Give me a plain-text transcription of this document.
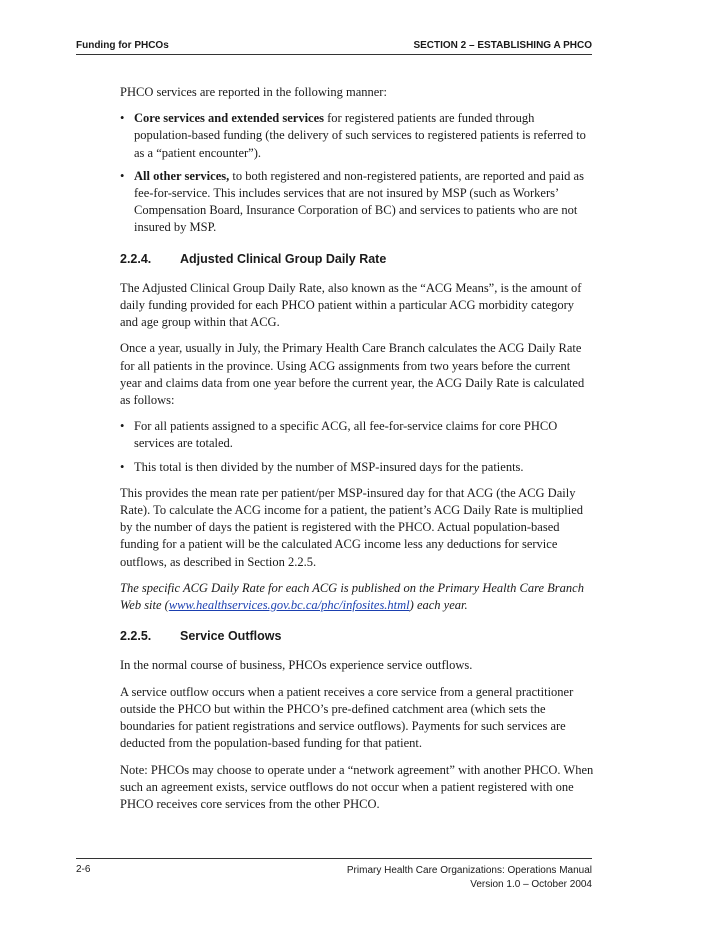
Funding for PHCOs	SECTION 2 – ESTABLISHING A PHCO

PHCO services are reported in the following manner:

• Core services and extended services for registered patients are funded through population-based funding (the delivery of such services to registered patients is referred to as a “patient encounter”).
• All other services, to both registered and non-registered patients, are reported and paid as fee-for-service. This includes services that are not insured by MSP (such as Workers’ Compensation Board, Insurance Corporation of BC) and services to patients who are not insured by MSP.
2.2.4. Adjusted Clinical Group Daily Rate

The Adjusted Clinical Group Daily Rate, also known as the “ACG Means”, is the amount of daily funding provided for each PHCO patient within a particular ACG morbidity category and age group within that ACG.

Once a year, usually in July, the Primary Health Care Branch calculates the ACG Daily Rate for all patients in the province. Using ACG assignments from two years before the current year and claims data from one year before the current year, the ACG Daily Rate is calculated as follows:

• For all patients assigned to a specific ACG, all fee-for-service claims for core PHCO services are totaled.
• This total is then divided by the number of MSP-insured days for the patients.

This provides the mean rate per patient/per MSP-insured day for that ACG (the ACG Daily Rate). To calculate the ACG income for a patient, the patient’s ACG Daily Rate is multiplied by the number of days the patient is registered with the PHCO. Actual population-based funding for a patient will be the calculated ACG income less any deductions for service outflows, as described in Section 2.2.5.

The specific ACG Daily Rate for each ACG is published on the Primary Health Care Branch Web site (www.healthservices.gov.bc.ca/phc/infosites.html) each year.

2.2.5. Service Outflows

In the normal course of business, PHCOs experience service outflows.

A service outflow occurs when a patient receives a core service from a general practitioner outside the PHCO but within the PHCO’s pre-defined catchment area (which sets the boundaries for patient registrations and service outflows). Payments for such services are deducted from the population-based funding for that patient.

Note: PHCOs may choose to operate under a “network agreement” with another PHCO. When such an agreement exists, service outflows do not occur when a patient registered with one PHCO receives core services from the other PHCO.

2-6	Primary Health Care Organizations: Operations Manual
Version 1.0 – October 2004
